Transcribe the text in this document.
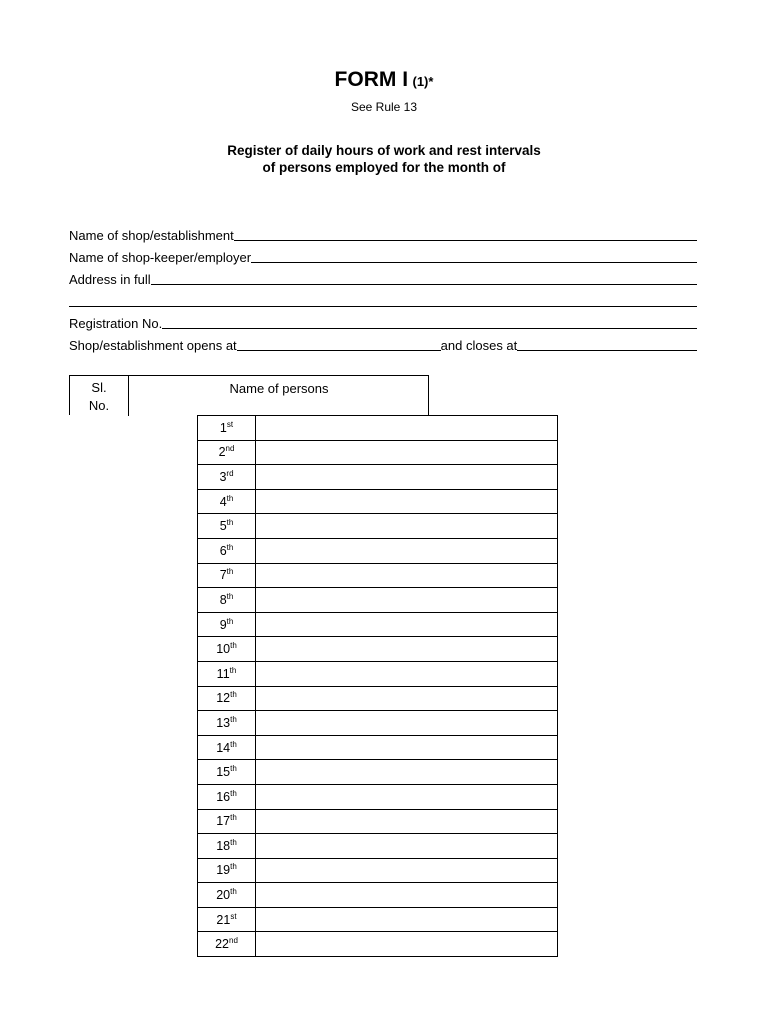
FORM I (1)*
See Rule 13
Register of daily hours of work and rest intervals
of persons employed for the month of
Name of shop/establishment
Name of shop-keeper/employer
Address in full
Registration No.
Shop/establishment opens at	and closes at
Sl.
No.
Name of persons
1st	
2nd	
3rd	
4th	
5th	
6th	
7th	
8th	
9th	
10th	
11th	
12th	
13th	
14th	
15th	
16th	
17th	
18th	
19th	
20th	
21st	
22nd	
